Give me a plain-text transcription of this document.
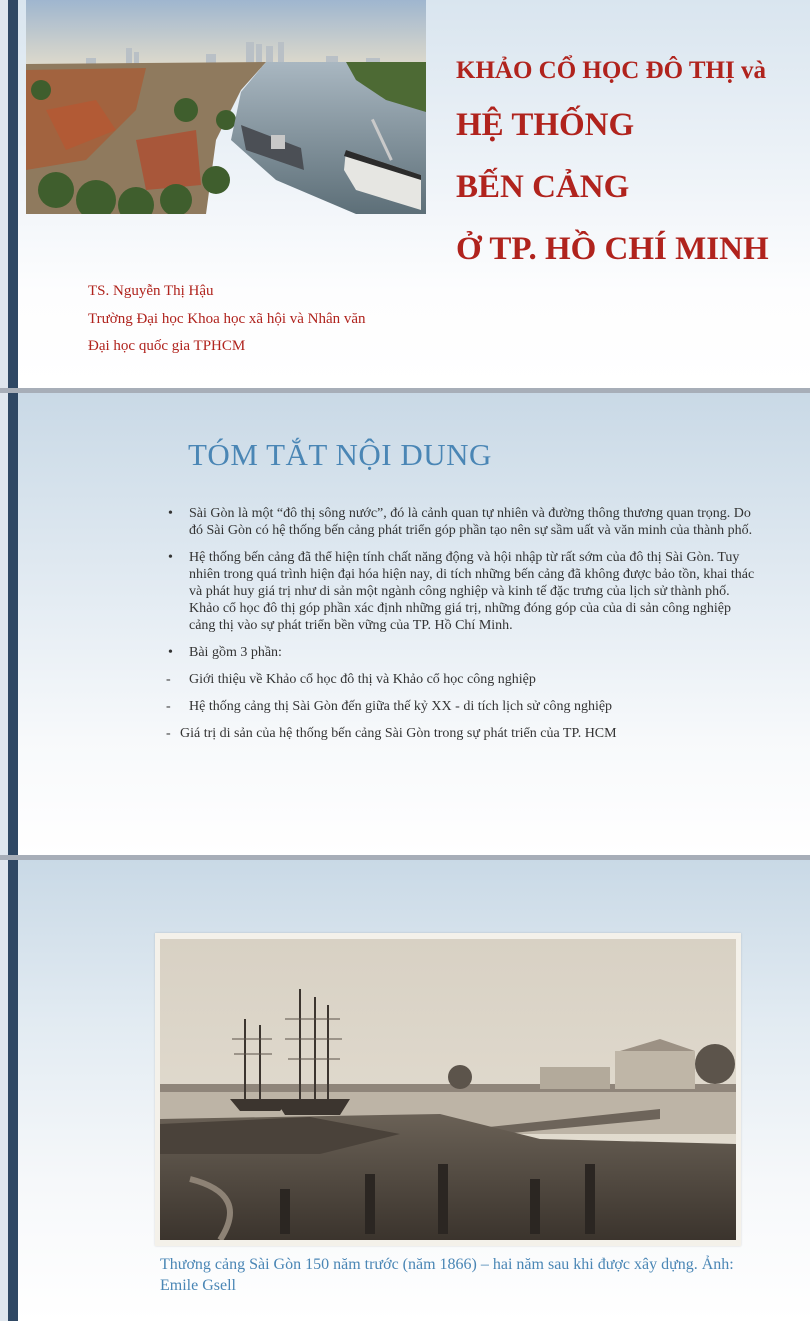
KHẢO CỔ HỌC ĐÔ THỊ và
HỆ THỐNG
BẾN CẢNG
Ở TP. HỒ CHÍ MINH
TS. Nguyễn Thị Hậu
Trường Đại học Khoa học xã hội và Nhân văn
Đại học quốc gia TPHCM
TÓM TẮT NỘI DUNG
• Sài Gòn là một “đô thị sông nước”, đó là cảnh quan tự nhiên và đường thông thương quan trọng. Do đó Sài Gòn có hệ thống bến cảng phát triển góp phần tạo nên sự sầm uất và văn minh của thành phố.
• Hệ thống bến cảng đã thể hiện tính chất năng động và hội nhập từ rất sớm của đô thị Sài Gòn. Tuy nhiên trong quá trình hiện đại hóa hiện nay, di tích những bến cảng đã không được bảo tồn, khai thác và phát huy giá trị như di sản một ngành công nghiệp và kinh tế đặc trưng của lịch sử thành phố. Khảo cổ học đô thị góp phần xác định những giá trị, những đóng góp của của di sản công nghiệp cảng thị vào sự phát triển bền vững của TP. Hồ Chí Minh.
• Bài gồm 3 phần:
- Giới thiệu về Khảo cổ học đô thị và Khảo cổ học công nghiệp
- Hệ thống cảng thị Sài Gòn đến giữa thế kỷ XX - di tích lịch sử công nghiệp
- Giá trị di sản của hệ thống bến cảng Sài Gòn trong sự phát triển của TP. HCM
Thương cảng Sài Gòn 150 năm trước (năm 1866) – hai năm sau khi được xây dựng. Ảnh: Emile Gsell
